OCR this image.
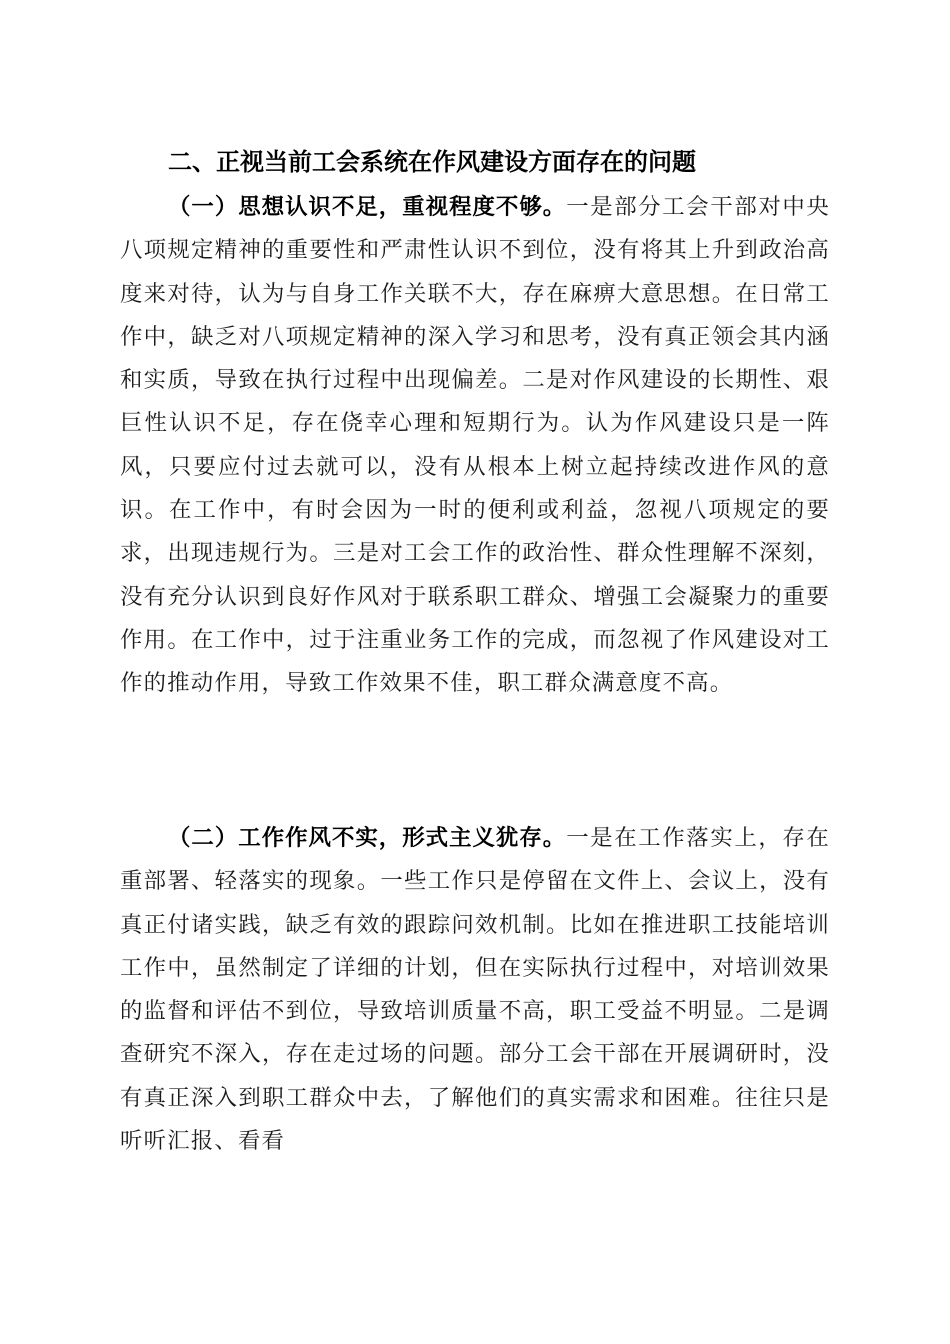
二、正视当前工会系统在作风建设方面存在的问题

（一）思想认识不足，重视程度不够。一是部分工会干部对中央八项规定精神的重要性和严肃性认识不到位，没有将其上升到政治高度来对待，认为与自身工作关联不大，存在麻痹大意思想。在日常工作中，缺乏对八项规定精神的深入学习和思考，没有真正领会其内涵和实质，导致在执行过程中出现偏差。二是对作风建设的长期性、艰巨性认识不足，存在侥幸心理和短期行为。认为作风建设只是一阵风，只要应付过去就可以，没有从根本上树立起持续改进作风的意识。在工作中，有时会因为一时的便利或利益，忽视八项规定的要求，出现违规行为。三是对工会工作的政治性、群众性理解不深刻，没有充分认识到良好作风对于联系职工群众、增强工会凝聚力的重要作用。在工作中，过于注重业务工作的完成，而忽视了作风建设对工作的推动作用，导致工作效果不佳，职工群众满意度不高。

（二）工作作风不实，形式主义犹存。一是在工作落实上，存在重部署、轻落实的现象。一些工作只是停留在文件上、会议上，没有真正付诸实践，缺乏有效的跟踪问效机制。比如在推进职工技能培训工作中，虽然制定了详细的计划，但在实际执行过程中，对培训效果的监督和评估不到位，导致培训质量不高，职工受益不明显。二是调查研究不深入，存在走过场的问题。部分工会干部在开展调研时，没有真正深入到职工群众中去，了解他们的真实需求和困难。往往只是听听汇报、看看
